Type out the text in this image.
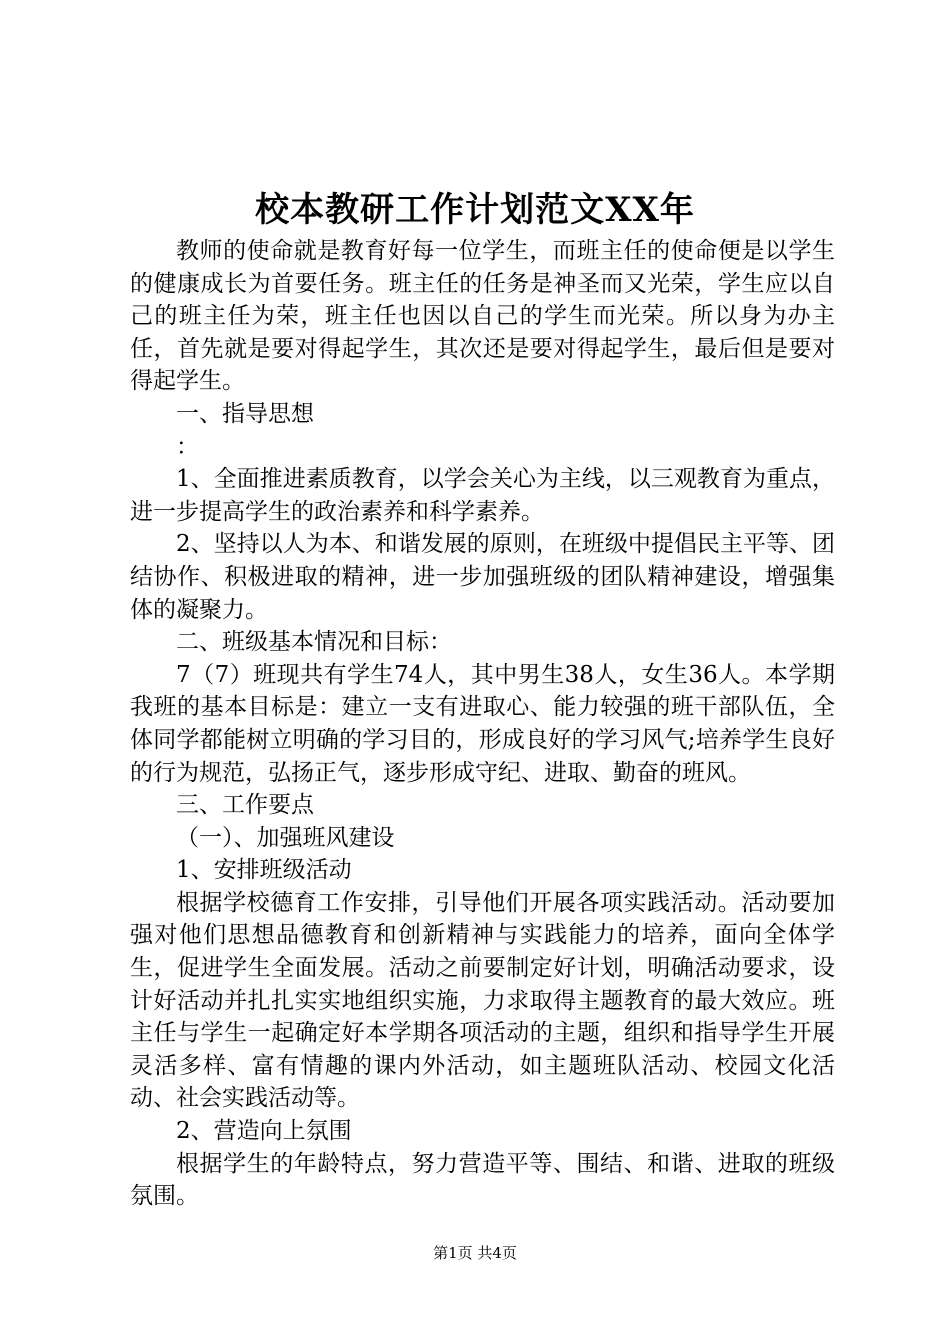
校本教研工作计划范文XX年

教师的使命就是教育好每一位学生，而班主任的使命便是以学生的健康成长为首要任务。班主任的任务是神圣而又光荣，学生应以自己的班主任为荣，班主任也因以自己的学生而光荣。所以身为办主任，首先就是要对得起学生，其次还是要对得起学生，最后但是要对得起学生。

一、指导思想

：

1、全面推进素质教育，以学会关心为主线，以三观教育为重点，进一步提高学生的政治素养和科学素养。

2、坚持以人为本、和谐发展的原则，在班级中提倡民主平等、团结协作、积极进取的精神，进一步加强班级的团队精神建设，增强集体的凝聚力。

二、班级基本情况和目标：

7（7）班现共有学生74人，其中男生38人，女生36人。本学期我班的基本目标是：建立一支有进取心、能力较强的班干部队伍，全体同学都能树立明确的学习目的，形成良好的学习风气;培养学生良好的行为规范，弘扬正气，逐步形成守纪、进取、勤奋的班风。

三、工作要点

（一）、加强班风建设

1、安排班级活动

根据学校德育工作安排，引导他们开展各项实践活动。活动要加强对他们思想品德教育和创新精神与实践能力的培养，面向全体学生，促进学生全面发展。活动之前要制定好计划，明确活动要求，设计好活动并扎扎实实地组织实施，力求取得主题教育的最大效应。班主任与学生一起确定好本学期各项活动的主题，组织和指导学生开展灵活多样、富有情趣的课内外活动，如主题班队活动、校园文化活动、社会实践活动等。

2、营造向上氛围

根据学生的年龄特点，努力营造平等、围结、和谐、进取的班级氛围。

第1页 共4页
